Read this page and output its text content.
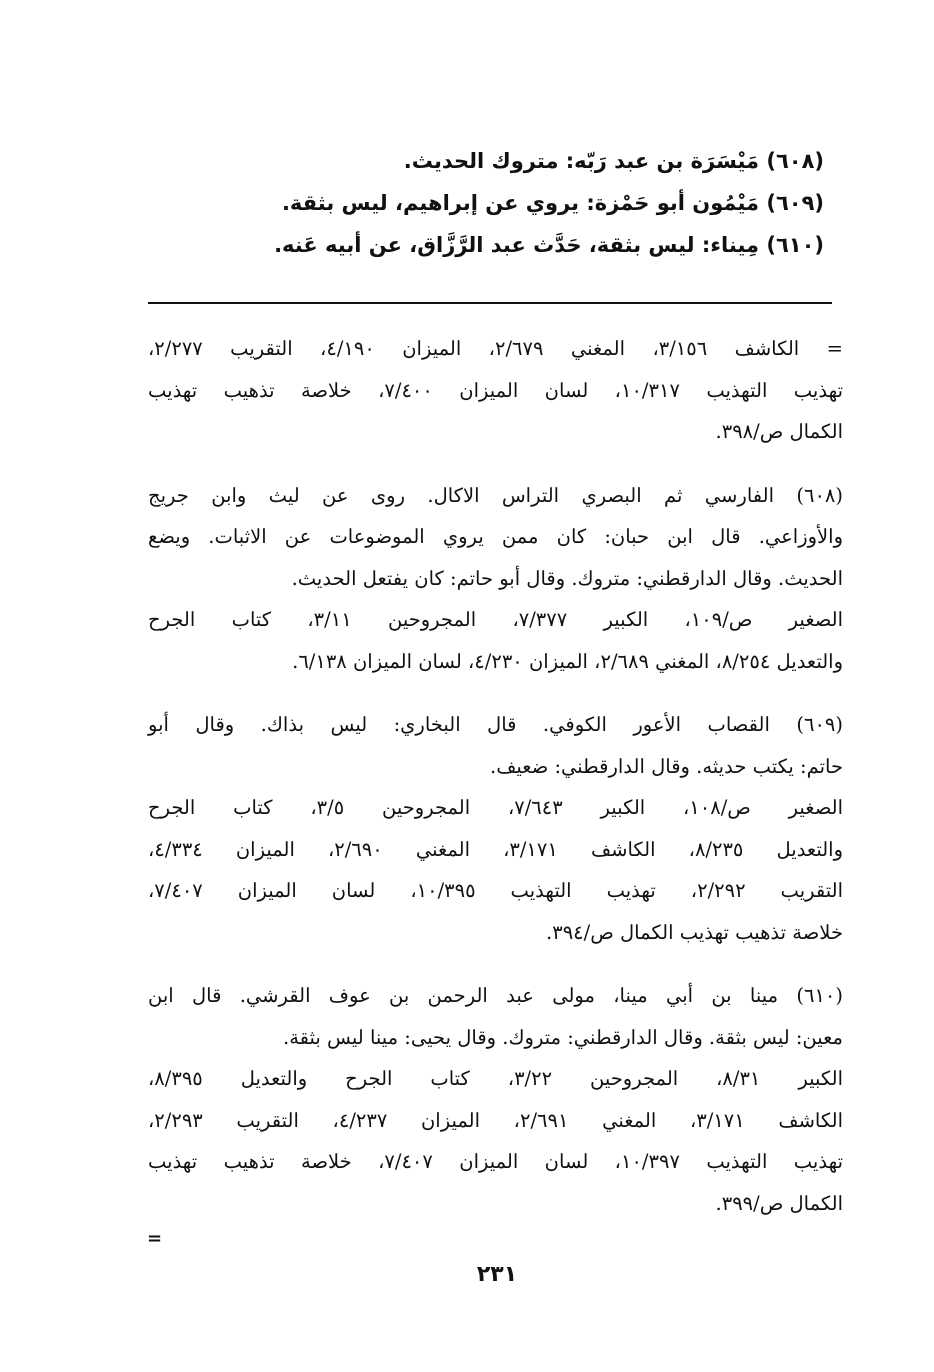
(٦٠٨) مَيْسَرَة بن عبد رَبّه: متروك الحديث.
(٦٠٩) مَيْمُون أبو حَمْزة: يروي عن إبراهيم، ليس بثقة.
(٦١٠) مِيناء: ليس بثقة، حَدَّث عبد الرَّزَّاق، عن أبيه عَنه.
= الكاشف ٣/١٥٦، المغني ٢/٦٧٩، الميزان ٤/١٩٠، التقريب ٢/٢٧٧،
تهذيب التهذيب ١٠/٣١٧، لسان الميزان ٧/٤٠٠، خلاصة تذهيب تهذيب
الكمال ص/٣٩٨.
(٦٠٨) الفارسي ثم البصري التراس الاكال. روى عن ليث وابن جريج
والأوزاعي. قال ابن حبان: كان ممن يروي الموضوعات عن الاثبات. ويضع
الحديث. وقال الدارقطني: متروك. وقال أبو حاتم: كان يفتعل الحديث.
الصغير ص/١٠٩، الكبير ٧/٣٧٧، المجروحين ٣/١١، كتاب الجرح
والتعديل ٨/٢٥٤، المغني ٢/٦٨٩، الميزان ٤/٢٣٠، لسان الميزان ٦/١٣٨.
(٦٠٩) القصاب الأعور الكوفي. قال البخاري: ليس بذاك. وقال أبو
حاتم: يكتب حديثه. وقال الدارقطني: ضعيف.
الصغير ص/١٠٨، الكبير ٧/٦٤٣، المجروحين ٣/٥، كتاب الجرح
والتعديل ٨/٢٣٥، الكاشف ٣/١٧١، المغني ٢/٦٩٠، الميزان ٤/٣٣٤،
التقريب ٢/٢٩٢، تهذيب التهذيب ١٠/٣٩٥، لسان الميزان ٧/٤٠٧،
خلاصة تذهيب تهذيب الكمال ص/٣٩٤.
(٦١٠) مينا بن أبي مينا، مولى عبد الرحمن بن عوف القرشي. قال ابن
معين: ليس بثقة. وقال الدارقطني: متروك. وقال يحيى: مينا ليس بثقة.
الكبير ٨/٣١، المجروحين ٣/٢٢، كتاب الجرح والتعديل ٨/٣٩٥،
الكاشف ٣/١٧١، المغني ٢/٦٩١، الميزان ٤/٢٣٧، التقريب ٢/٢٩٣،
تهذيب التهذيب ١٠/٣٩٧، لسان الميزان ٧/٤٠٧، خلاصة تذهيب تهذيب
الكمال ص/٣٩٩.
=
٢٣١
